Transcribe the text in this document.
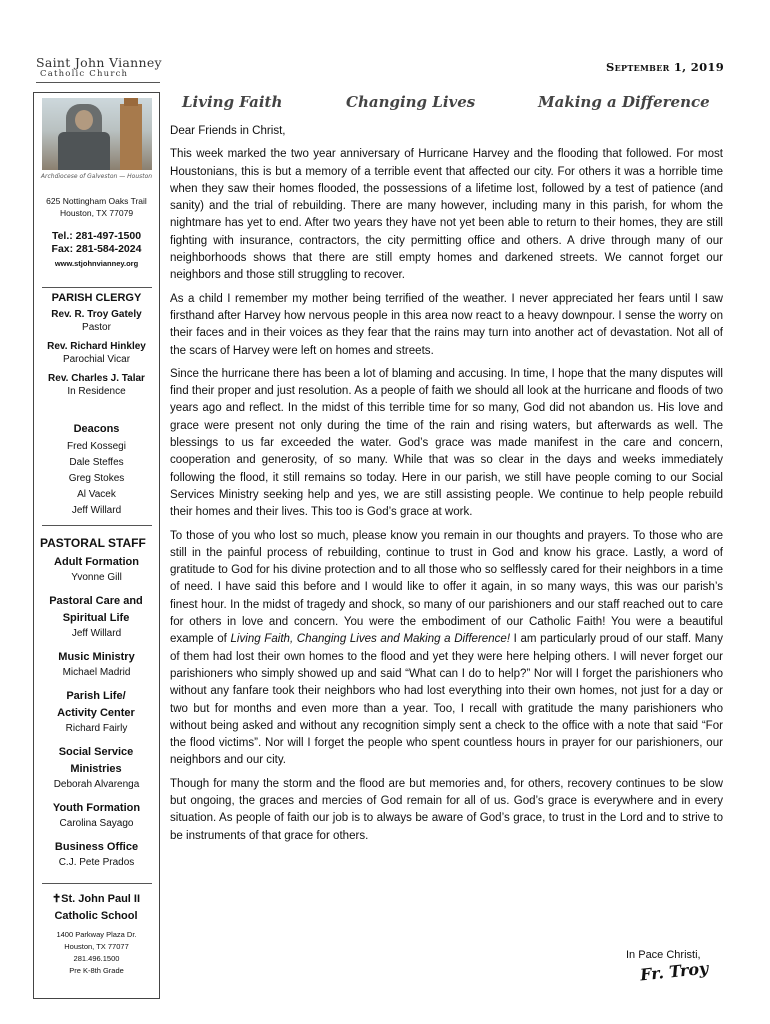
Saint John Vianney
Catholic Church	September 1, 2019
Archdiocese of Galveston — Houston
625 Nottingham Oaks Trail
Houston, TX 77079
Tel.: 281-497-1500
Fax: 281-584-2024
www.stjohnvianney.org
PARISH CLERGY
Rev. R. Troy Gately
Pastor
Rev. Richard Hinkley
Parochial Vicar
Rev. Charles J. Talar
In Residence
Deacons
Fred Kossegi
Dale Steffes
Greg Stokes
Al Vacek
Jeff Willard
PASTORAL STAFF
Adult Formation
Yvonne Gill
Pastoral Care and Spiritual Life
Jeff Willard
Music Ministry
Michael Madrid
Parish Life/ Activity Center
Richard Fairly
Social Service Ministries
Deborah Alvarenga
Youth Formation
Carolina Sayago
Business Office
C.J. Pete Prados
✝St. John Paul II Catholic School
1400 Parkway Plaza Dr.
Houston, TX 77077
281.496.1500
Pre K-8th Grade
Living Faith	Changing Lives	Making a Difference

Dear Friends in Christ,

This week marked the two year anniversary of Hurricane Harvey and the flooding that followed. For most Houstonians, this is but a memory of a terrible event that affected our city. For others it was a horrible time when they saw their homes flooded, the possessions of a lifetime lost, followed by a test of patience (and sanity) and the trial of rebuilding. There are many however, including many in this parish, for whom the nightmare has yet to end. After two years they have not yet been able to return to their homes, they are still fighting with insurance, contractors, the city permitting office and others. A drive through many of our neighborhoods shows that there are still empty homes and darkened streets. We cannot forget our neighbors and those still struggling to recover.

As a child I remember my mother being terrified of the weather. I never appreciated her fears until I saw firsthand after Harvey how nervous people in this area now react to a heavy downpour. I sense the worry on their faces and in their voices as they fear that the rains may turn into another act of devastation. Not all of the scars of Harvey were left on homes and streets.

Since the hurricane there has been a lot of blaming and accusing. In time, I hope that the many disputes will find their proper and just resolution. As a people of faith we should all look at the hurricane and floods of two years ago and reflect. In the midst of this terrible time for so many, God did not abandon us. His love and grace were present not only during the time of the rain and rising waters, but afterwards as well. The blessings to us far exceeded the water. God’s grace was made manifest in the care and concern, cooperation and generosity, of so many. While that was so clear in the days and weeks immediately following the flood, it still remains so today. Here in our parish, we still have people coming to our Social Services Ministry seeking help and yes, we are still assisting people. We continue to help people rebuild their homes and their lives. This too is God’s grace at work.

To those of you who lost so much, please know you remain in our thoughts and prayers. To those who are still in the painful process of rebuilding, continue to trust in God and know his grace. Lastly, a word of gratitude to God for his divine protection and to all those who so selflessly cared for their neighbors in a time of need. I have said this before and I would like to offer it again, in so many ways, this was our parish’s finest hour. In the midst of tragedy and shock, so many of our parishioners and our staff reached out to care for others in love and concern. You were the embodiment of our Catholic Faith! You were a beautiful example of Living Faith, Changing Lives and Making a Difference! I am particularly proud of our staff. Many of them had lost their own homes to the flood and yet they were here helping others. I will never forget our parishioners who simply showed up and said “What can I do to help?” Nor will I forget the parishioners who without any fanfare took their neighbors who had lost everything into their own homes, not just for a day or two but for months and even more than a year. Too, I recall with gratitude the many parishioners who without being asked and without any recognition simply sent a check to the office with a note that said “For the flood victims”. Nor will I forget the people who spent countless hours in prayer for our parishioners, our neighbors and our city.

Though for many the storm and the flood are but memories and, for others, recovery continues to be slow but ongoing, the graces and mercies of God remain for all of us. God’s grace is everywhere and in every situation. As people of faith our job is to always be aware of God’s grace, to trust in the Lord and to strive to be instruments of that grace for others.

In Pace Christi,
Fr. Troy
